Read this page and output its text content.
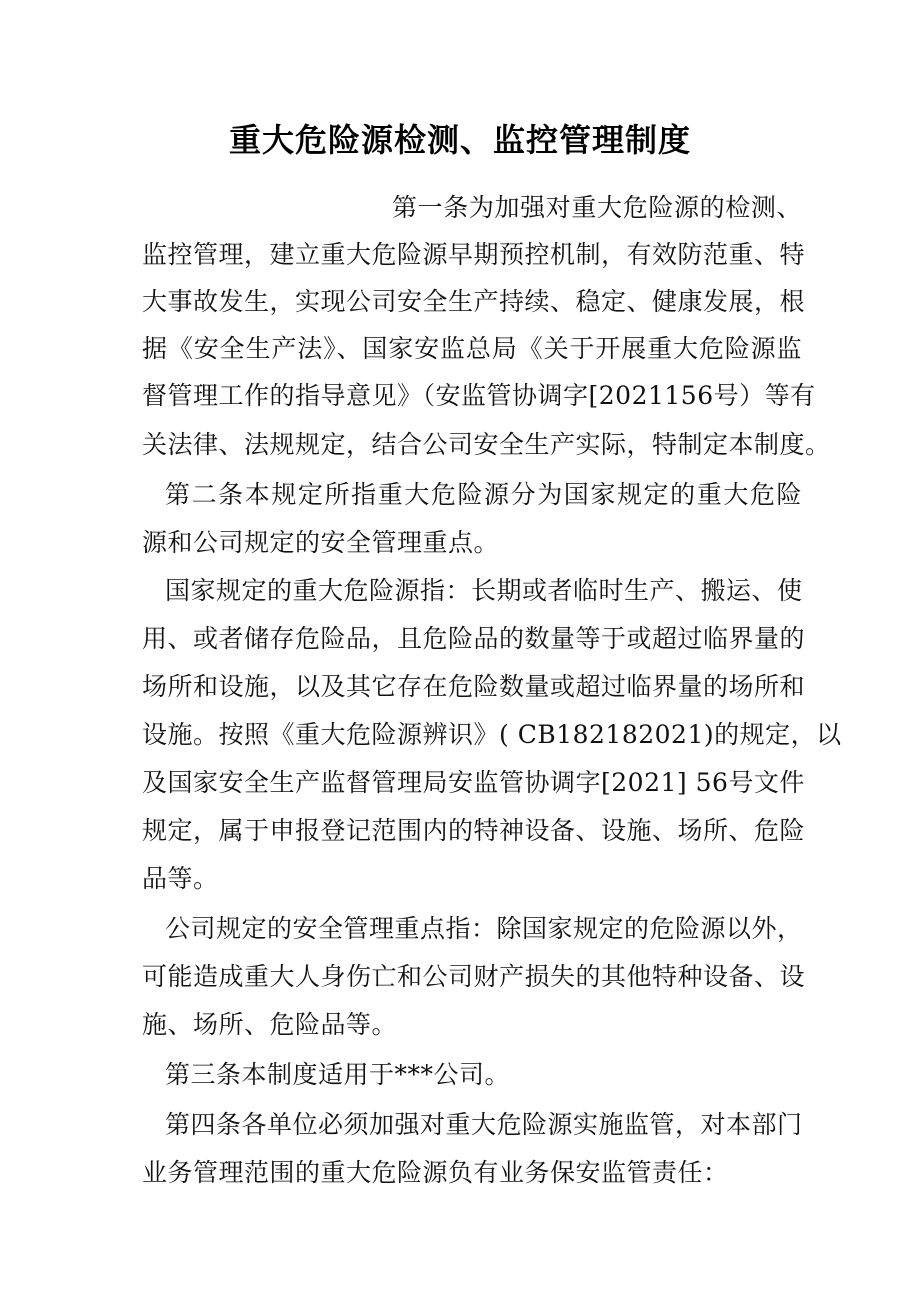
重大危险源检测、监控管理制度
第一条为加强对重大危险源的检测、
监控管理，建立重大危险源早期预控机制，有效防范重、特
大事故发生，实现公司安全生产持续、稳定、健康发展，根
据《安全生产法》、国家安监总局《关于开展重大危险源监
督管理工作的指导意见》（安监管协调字[2021156号）等有
关法律、法规规定，结合公司安全生产实际，特制定本制度。
第二条本规定所指重大危险源分为国家规定的重大危险
源和公司规定的安全管理重点。
国家规定的重大危险源指：长期或者临时生产、搬运、使
用、或者储存危险品，且危险品的数量等于或超过临界量的
场所和设施，以及其它存在危险数量或超过临界量的场所和
设施。按照《重大危险源辨识》( CB182182021)的规定，以
及国家安全生产监督管理局安监管协调字[2021] 56号文件
规定，属于申报登记范围内的特神设备、设施、场所、危险
品等。
公司规定的安全管理重点指：除国家规定的危险源以外，
可能造成重大人身伤亡和公司财产损失的其他特种设备、设
施、场所、危险品等。
第三条本制度适用于***公司。
第四条各单位必须加强对重大危险源实施监管，对本部门
业务管理范围的重大危险源负有业务保安监管责任：
